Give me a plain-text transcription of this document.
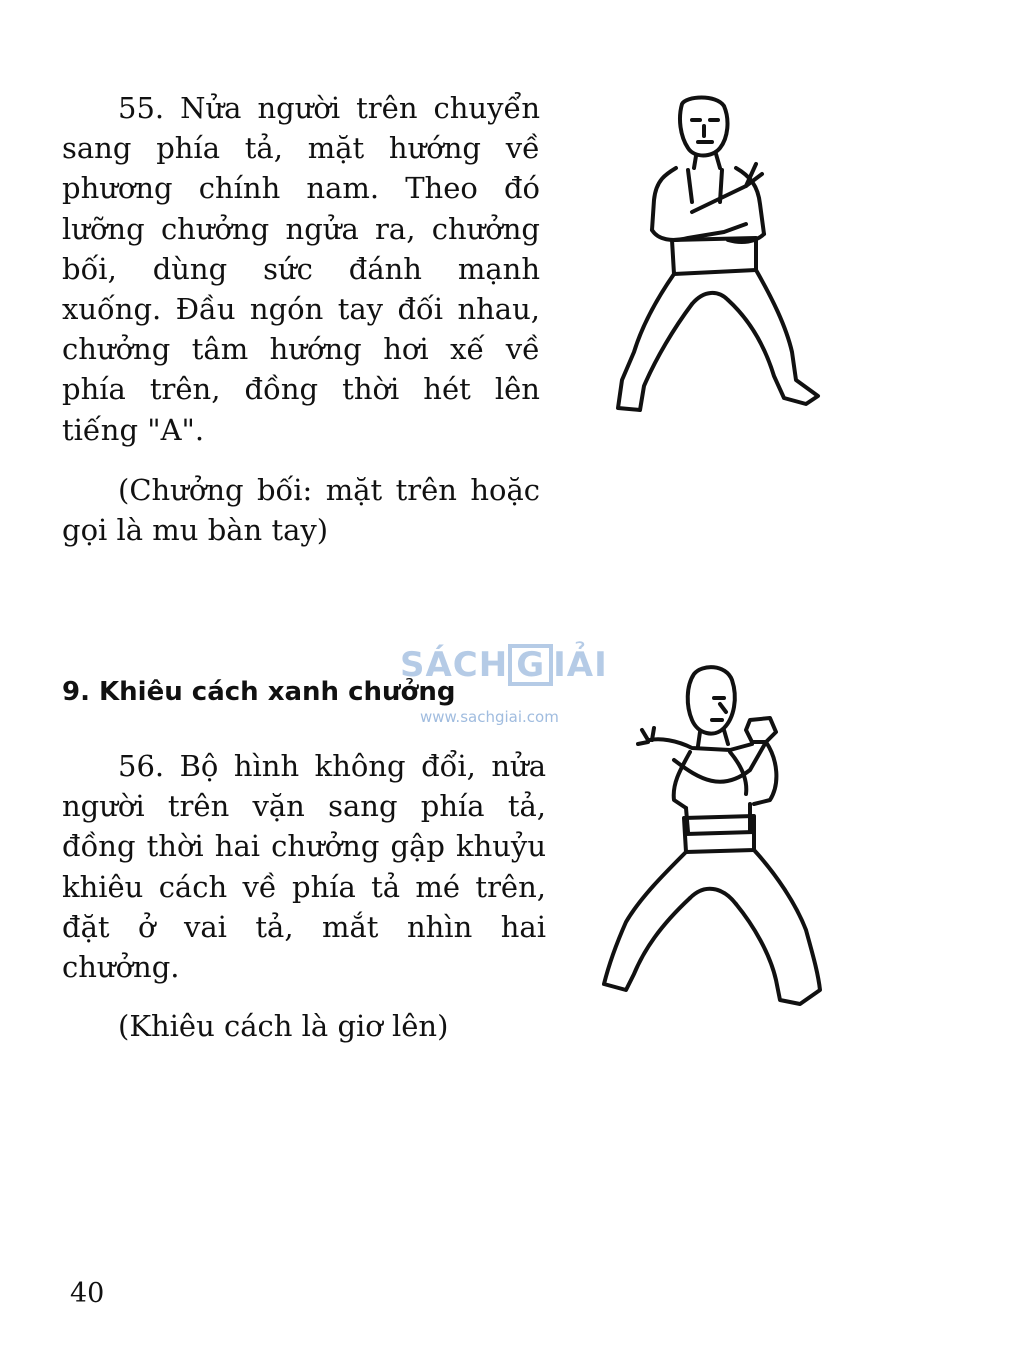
55. Nửa người trên chuyển sang phía tả, mặt hướng về phương chính nam. Theo đó lưỡng chưởng ngửa ra, chưởng bối, dùng sức đánh mạnh xuống. Đầu ngón tay đối nhau, chưởng tâm hướng hơi xế về phía trên, đồng thời hét lên tiếng "A".

(Chưởng bối: mặt trên hoặc gọi là mu bàn tay)

9. Khiêu cách xanh chưởng

56. Bộ hình không đổi, nửa người trên vặn sang phía tả, đồng thời hai chưởng gập khuỷu khiêu cách về phía tả mé trên, đặt ở vai tả, mắt nhìn hai chưởng.

(Khiêu cách là giơ lên)

SÁCH G IẢI
www.sachgiai.com
40
